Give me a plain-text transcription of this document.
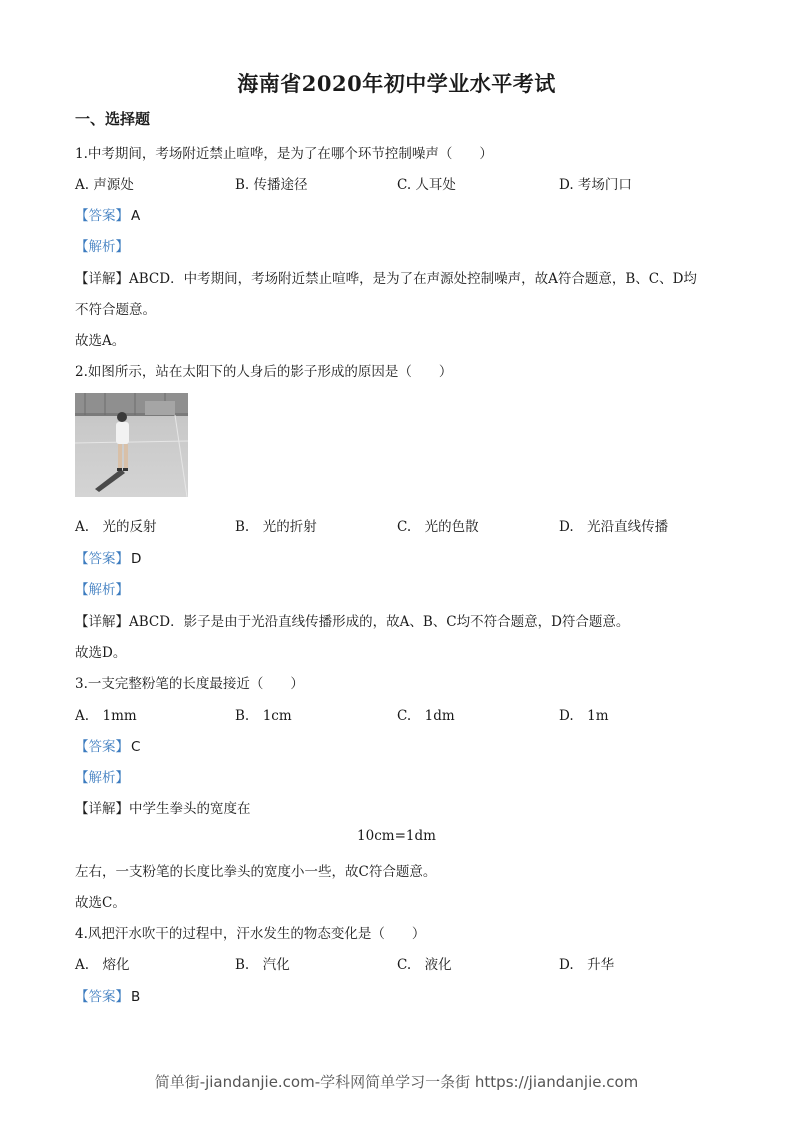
海南省2020年初中学业水平考试
一、选择题
1.中考期间，考场附近禁止喧哗，是为了在哪个环节控制噪声（　　）
A. 声源处	B. 传播途径	C. 人耳处	D. 考场门口
【答案】 A
【解析】
【详解】ABCD．中考期间，考场附近禁止喧哗，是为了在声源处控制噪声，故A符合题意，B、C、D均
不符合题意。
故选A。
2.如图所示，站在太阳下的人身后的影子形成的原因是（　　）
A.　光的反射	B.　光的折射	C.　光的色散	D.　光沿直线传播
【答案】 D
【解析】
【详解】ABCD．影子是由于光沿直线传播形成的，故A、B、C均不符合题意，D符合题意。
故选D。
3.一支完整粉笔的长度最接近（　　）
A.　1mm	B.　1cm	C.　1dm	D.　1m
【答案】 C
【解析】
【详解】中学生拳头的宽度在
10cm=1dm
左右，一支粉笔的长度比拳头的宽度小一些，故C符合题意。
故选C。
4.风把汗水吹干的过程中，汗水发生的物态变化是（　　）
A.　熔化	B.　汽化	C.　液化	D.　升华
【答案】 B
简单街-jiandanjie.com-学科网简单学习一条街 https://jiandanjie.com
